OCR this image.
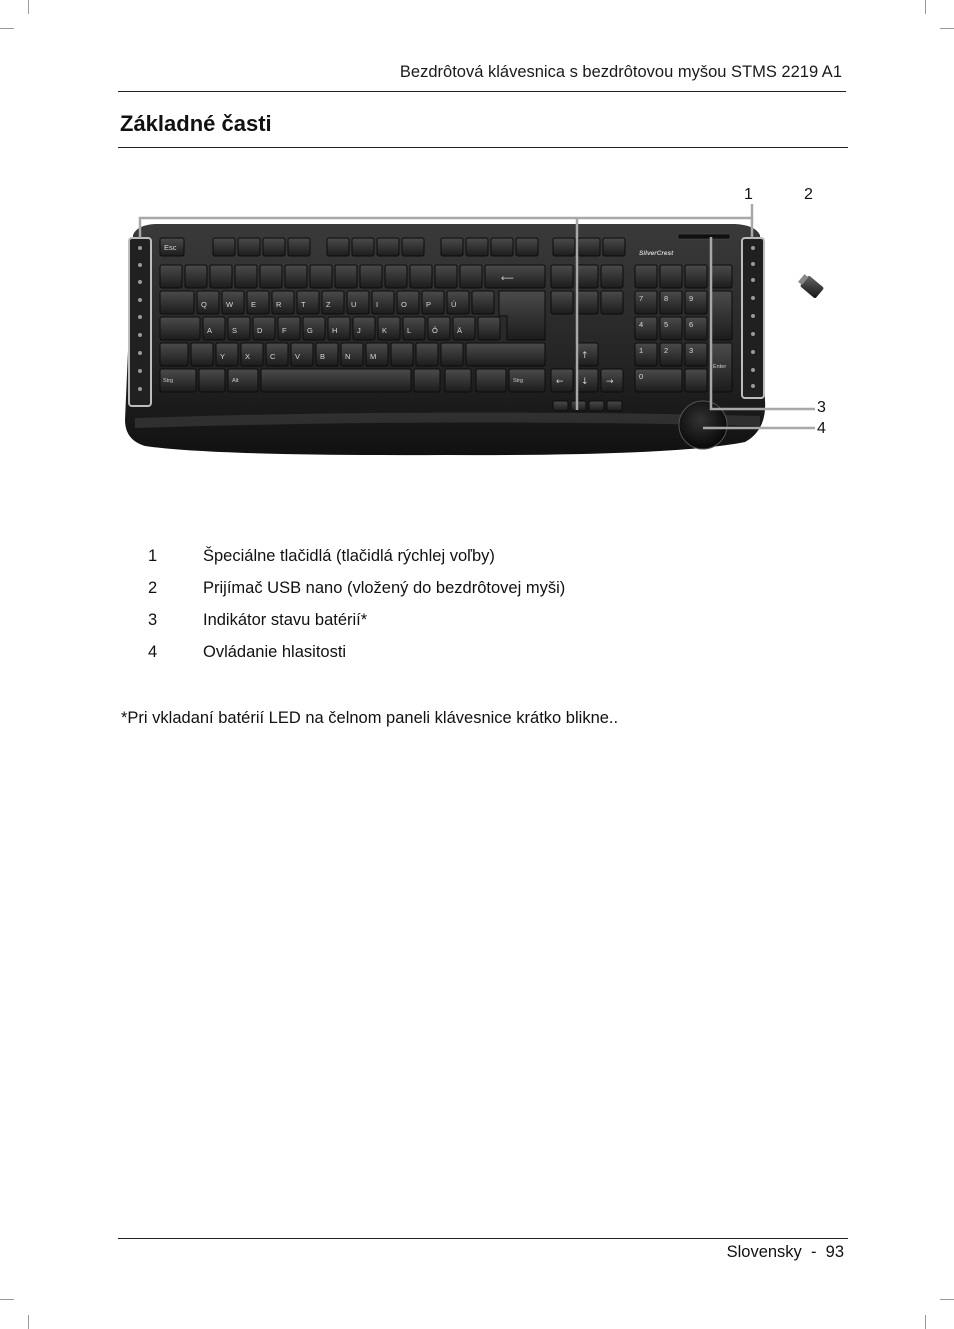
Bezdrôtová klávesnica s bezdrôtovou myšou STMS 2219 A1
Základné časti
Esc
Q	W E	R	T	Z	U	I	O	P	Ú
A	S	D	F	G	H	J	K	L	Ô	Ä
Y	X	C	V	B	N	M
7	8	9
4	5	6
1	2	3
0
Strg	Alt	Strg
Enter
SilverCrest
↑
← ↓ →
⟵
1	2
3
4
1	Špeciálne tlačidlá (tlačidlá rýchlej voľby)
2	Prijímač USB nano (vložený do bezdrôtovej myši)
3	Indikátor stavu batérií*
4	Ovládanie hlasitosti
*Pri vkladaní batérií LED na čelnom paneli klávesnice krátko blikne..
Slovensky - 93
